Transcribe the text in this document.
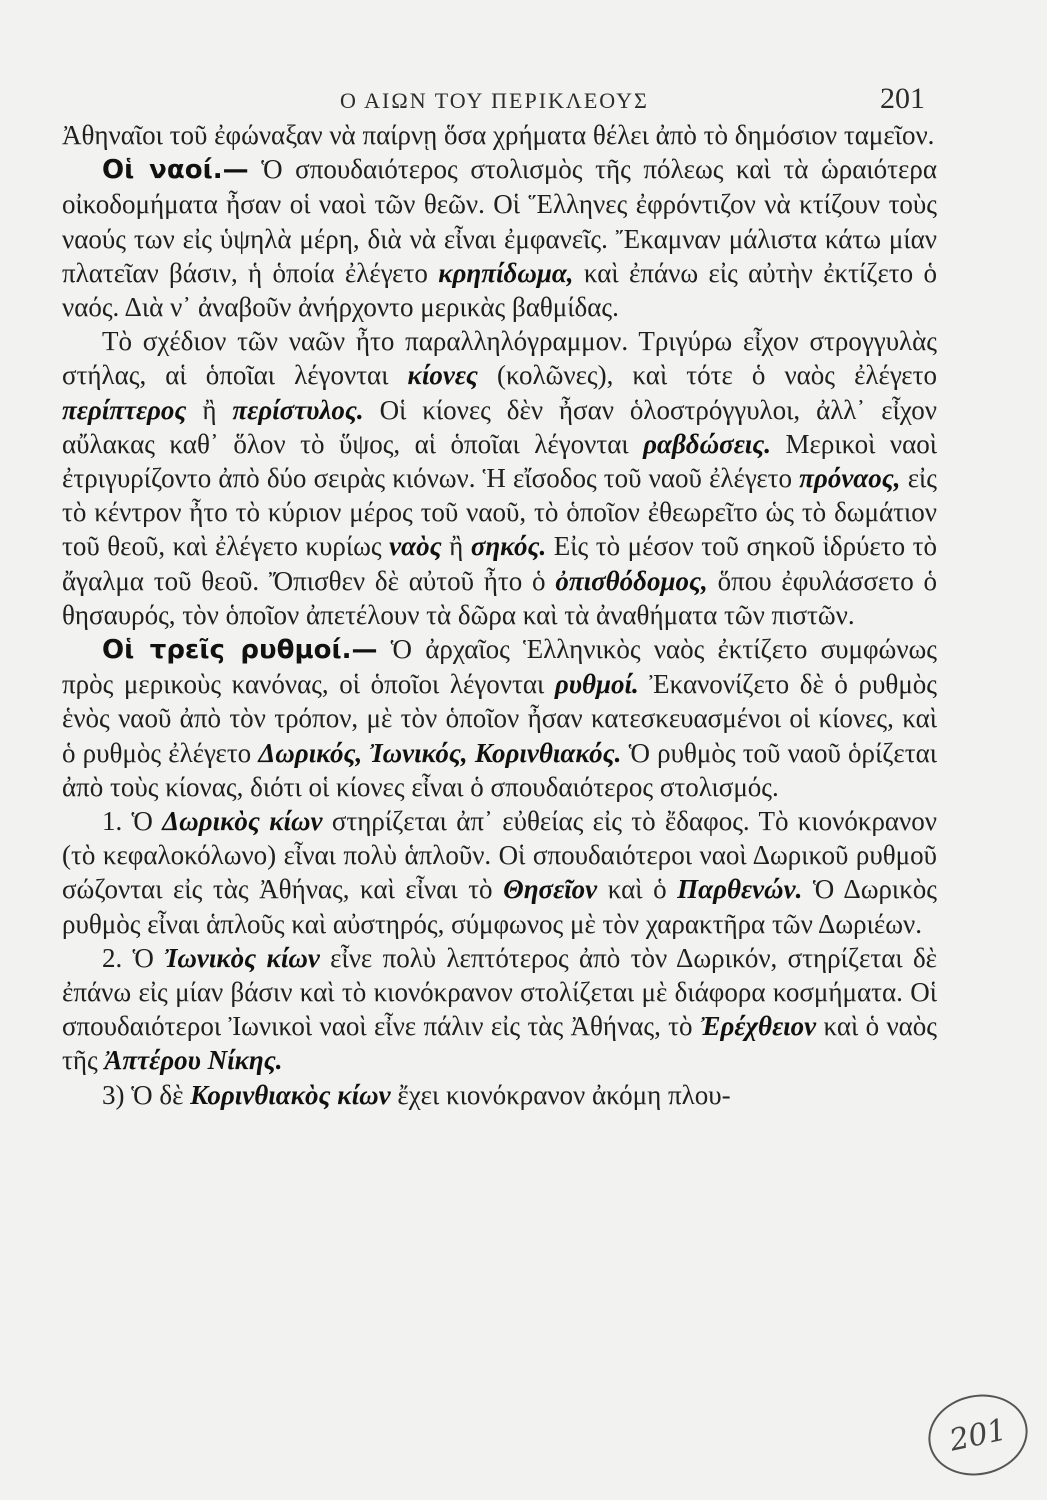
Ο ΑΙΩΝ ΤΟΥ ΠΕΡΙΚΛΕΟΥΣ	201

Ἀθηναῖοι τοῦ ἐφώναξαν νὰ παίρνῃ ὅσα χρήματα θέλει ἀπὸ τὸ δημόσιον ταμεῖον.

Οἱ ναοί.— Ὁ σπουδαιότερος στολισμὸς τῆς πόλεως καὶ τὰ ὡραιότερα οἰκοδομήματα ἦσαν οἱ ναοὶ τῶν θεῶν. Οἱ Ἕλληνες ἐφρόντιζον νὰ κτίζουν τοὺς ναούς των εἰς ὑψηλὰ μέρη, διὰ νὰ εἶναι ἐμφανεῖς. Ἔκαμναν μάλιστα κάτω μίαν πλατεῖαν βάσιν, ἡ ὁποία ἐλέγετο κρηπίδωμα, καὶ ἐπάνω εἰς αὐτὴν ἐκτίζετο ὁ ναός. Διὰ ν᾿ ἀναβοῦν ἀνήρχοντο μερικὰς βαθμίδας.

Τὸ σχέδιον τῶν ναῶν ἦτο παραλληλόγραμμον. Τριγύρω εἶχον στρογγυλὰς στήλας, αἱ ὁποῖαι λέγονται κίονες (κολῶνες), καὶ τότε ὁ ναὸς ἐλέγετο περίπτερος ἢ περίστυλος. Οἱ κίονες δὲν ἦσαν ὁλοστρόγγυλοι, ἀλλ᾿ εἶχον αὔλακας καθ᾿ ὅλον τὸ ὕψος, αἱ ὁποῖαι λέγονται ραβδώσεις. Μερικοὶ ναοὶ ἐτριγυρίζοντο ἀπὸ δύο σειρὰς κιόνων. Ἡ εἴσοδος τοῦ ναοῦ ἐλέγετο πρόναος, εἰς τὸ κέντρον ἦτο τὸ κύριον μέρος τοῦ ναοῦ, τὸ ὁποῖον ἐθεωρεῖτο ὡς τὸ δωμάτιον τοῦ θεοῦ, καὶ ἐλέγετο κυρίως ναὸς ἢ σηκός. Εἰς τὸ μέσον τοῦ σηκοῦ ἱδρύετο τὸ ἄγαλμα τοῦ θεοῦ. Ὄπισθεν δὲ αὐτοῦ ἦτο ὁ ὀπισθόδομος, ὅπου ἐφυλάσσετο ὁ θησαυρός, τὸν ὁποῖον ἀπετέλουν τὰ δῶρα καὶ τὰ ἀναθήματα τῶν πιστῶν.

Οἱ τρεῖς ρυθμοί.— Ὁ ἀρχαῖος Ἑλληνικὸς ναὸς ἐκτίζετο συμφώνως πρὸς μερικοὺς κανόνας, οἱ ὁποῖοι λέγονται ρυθμοί. Ἐκανονίζετο δὲ ὁ ρυθμὸς ἑνὸς ναοῦ ἀπὸ τὸν τρόπον, μὲ τὸν ὁποῖον ἦσαν κατεσκευασμένοι οἱ κίονες, καὶ ὁ ρυθμὸς ἐλέγετο Δωρικός, Ἰωνικός, Κορινθιακός. Ὁ ρυθμὸς τοῦ ναοῦ ὁρίζεται ἀπὸ τοὺς κίονας, διότι οἱ κίονες εἶναι ὁ σπουδαιότερος στολισμός.

1. Ὁ Δωρικὸς κίων στηρίζεται ἀπ᾿ εὐθείας εἰς τὸ ἔδαφος. Τὸ κιονόκρανον (τὸ κεφαλοκόλωνο) εἶναι πολὺ ἁπλοῦν. Οἱ σπουδαιότεροι ναοὶ Δωρικοῦ ρυθμοῦ σώζονται εἰς τὰς Ἀθήνας, καὶ εἶναι τὸ Θησεῖον καὶ ὁ Παρθενών. Ὁ Δωρικὸς ρυθμὸς εἶναι ἁπλοῦς καὶ αὐστηρός, σύμφωνος μὲ τὸν χαρακτῆρα τῶν Δωριέων.

2. Ὁ Ἰωνικὸς κίων εἶνε πολὺ λεπτότερος ἀπὸ τὸν Δωρικόν, στηρίζεται δὲ ἐπάνω εἰς μίαν βάσιν καὶ τὸ κιονόκρανον στολίζεται μὲ διάφορα κοσμήματα. Οἱ σπουδαιότεροι Ἰωνικοὶ ναοὶ εἶνε πάλιν εἰς τὰς Ἀθήνας, τὸ Ἐρέχθειον καὶ ὁ ναὸς τῆς Ἀπτέρου Νίκης.

3) Ὁ δὲ Κορινθιακὸς κίων ἔχει κιονόκρανον ἀκόμη πλου-

201
